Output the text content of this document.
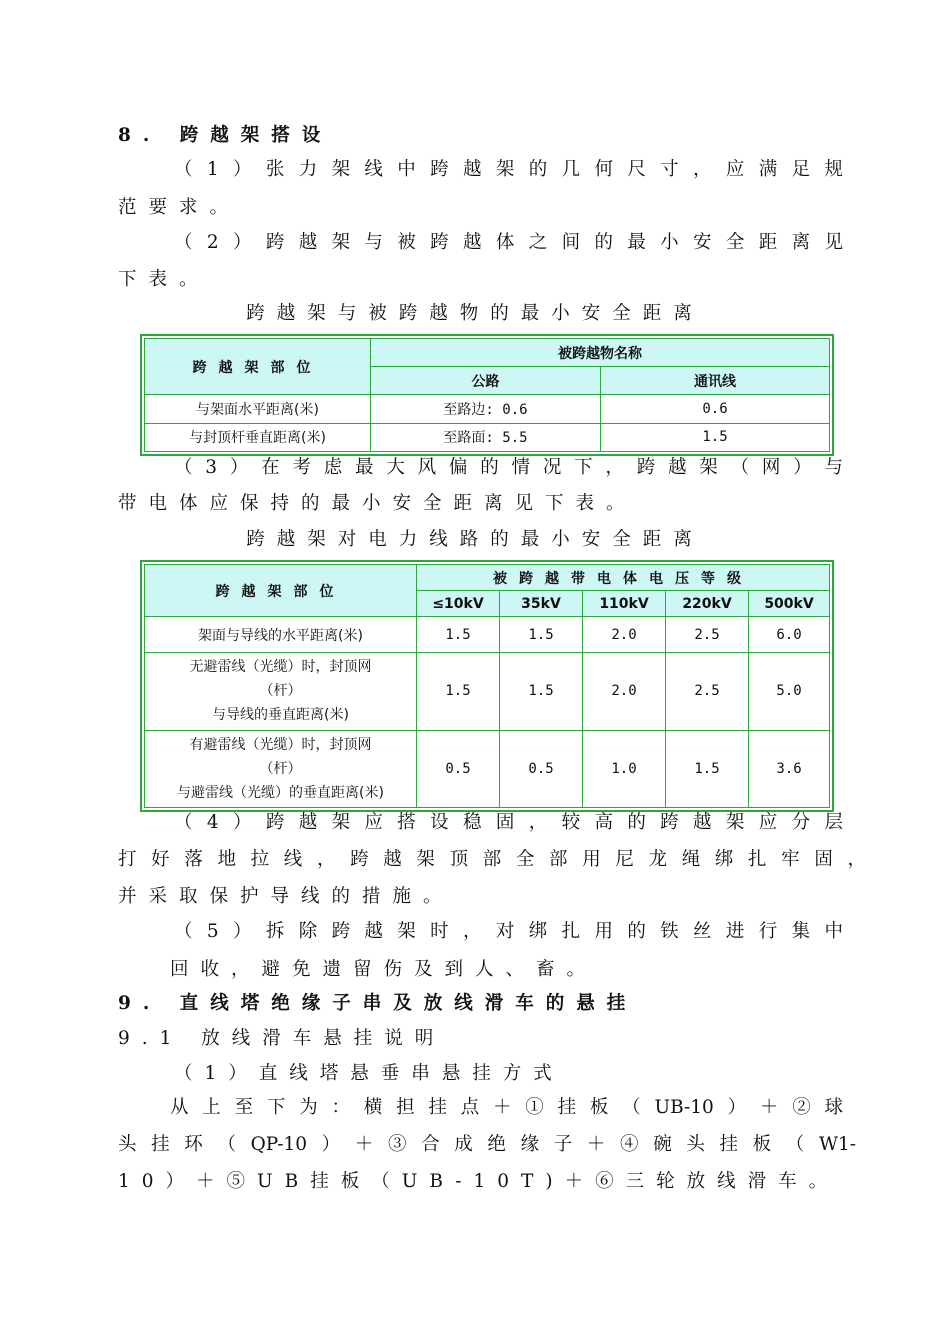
8. 跨越架搭设
（1）张力架线中跨越架的几何尺寸，应满足规
范要求。
（2）跨越架与被跨越体之间的最小安全距离见
下表。
跨越架与被跨越物的最小安全距离
跨越架部位	被跨越物名称	
	公路	通讯线
与架面水平距离(米)	至路边: 0.6	0.6
与封顶杆垂直距离(米)	至路面: 5.5	1.5
（3）在考虑最大风偏的情况下，跨越架（网）与
带电体应保持的最小安全距离见下表。
跨越架对电力线路的最小安全距离
跨越架部位	被跨越带电体电压等级				
	≤10kV	35kV	110kV	220kV	500kV
架面与导线的水平距离(米)	1.5	1.5	2.0	2.5	6.0

无避雷线（光缆）时，封顶网
（杆）
与导线的垂直距离(米)	1.5	1.5	2.0	2.5	5.0

有避雷线（光缆）时，封顶网
（杆）
与避雷线（光缆）的垂直距离(米)	0.5	0.5	1.0	1.5	3.6
（4）跨越架应搭设稳固，较高的跨越架应分层
打好落地拉线，跨越架顶部全部用尼龙绳绑扎牢固，
并采取保护导线的措施。
（5）拆除跨越架时，对绑扎用的铁丝进行集中
回收，避免遗留伤及到人、畜。
9. 直线塔绝缘子串及放线滑车的悬挂
9.1 放线滑车悬挂说明
（1）直线塔悬垂串悬挂方式
从上至下为：横担挂点＋①挂板（UB-10）＋②球
头挂环（QP-10）＋③合成绝缘子＋④碗头挂板（W1-
10）＋⑤UB挂板（UB-10T)＋⑥三轮放线滑车。
